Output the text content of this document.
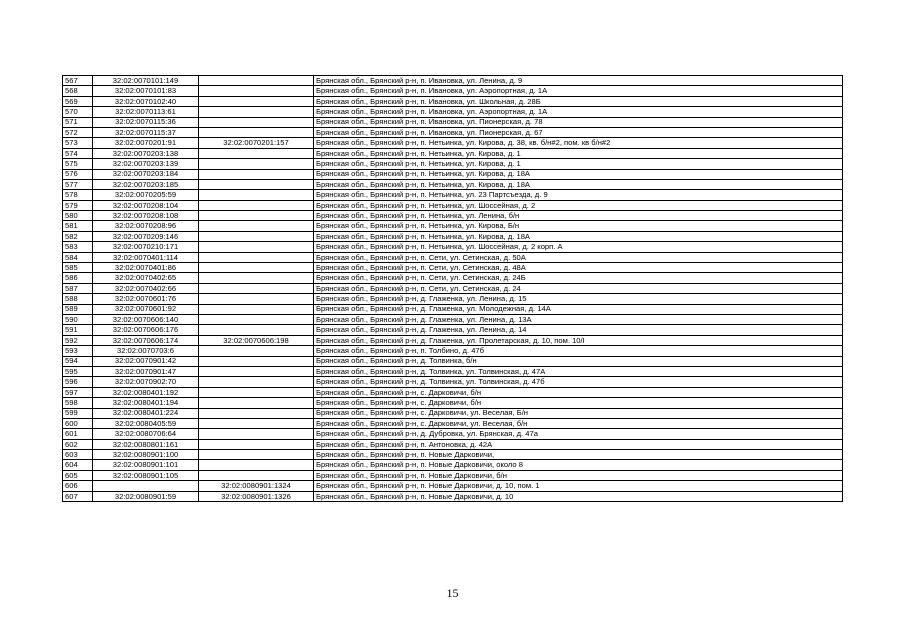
567	32:02:0070101:149		Брянская обл., Брянский р-н, п. Ивановка, ул. Ленина, д. 9
568	32:02:0070101:83		Брянская обл., Брянский р-н, п. Ивановка, ул. Аэропортная, д. 1А
569	32:02:0070102:40		Брянская обл., Брянский р-н, п. Ивановка, ул. Школьная, д. 28Б
570	32:02:0070113:61		Брянская обл., Брянский р-н, п. Ивановка, ул. Аэропортная, д. 1А
571	32:02:0070115:36		Брянская обл., Брянский р-н, п. Ивановка, ул. Пионерская, д. 78
572	32:02:0070115:37		Брянская обл., Брянский р-н, п. Ивановка, ул. Пионерская, д. 67
573	32:02:0070201:91	32:02:0070201:157	Брянская обл., Брянский р-н, п. Нетьинка, ул. Кирова, д. 38, кв. б/н#2, пом. кв б/н#2
574	32:02:0070203:138		Брянская обл., Брянский р-н, п. Нетьинка, ул. Кирова, д. 1
575	32:02:0070203:139		Брянская обл., Брянский р-н, п. Нетьинка, ул. Кирова, д. 1
576	32:02:0070203:184		Брянская обл., Брянский р-н, п. Нетьинка, ул. Кирова, д. 18А
577	32:02:0070203:185		Брянская обл., Брянский р-н, п. Нетьинка, ул. Кирова, д. 18А
578	32:02:0070205:59		Брянская обл., Брянский р-н, п. Нетьинка, ул. 23 Партсъезда, д. 9
579	32:02:0070208:104		Брянская обл., Брянский р-н, п. Нетьинка, ул. Шоссейная, д. 2
580	32:02:0070208:108		Брянская обл., Брянский р-н, п. Нетьинка, ул. Ленина, б/н
581	32:02:0070208:96		Брянская обл., Брянский р-н, п. Нетьинка, ул. Кирова, Б/н
582	32:02:0070209:146		Брянская обл., Брянский р-н, п. Нетьинка, ул. Кирова, д. 18А
583	32:02:0070210:171		Брянская обл., Брянский р-н, п. Нетьинка, ул. Шоссейная, д. 2 корп. А
584	32:02:0070401:114		Брянская обл., Брянский р-н, п. Сети, ул. Сетинская, д. 50А
585	32:02:0070401:86		Брянская обл., Брянский р-н, п. Сети, ул. Сетинская, д. 48А
586	32:02:0070402:65		Брянская обл., Брянский р-н, п. Сети, ул. Сетинская, д. 24Б
587	32:02:0070402:66		Брянская обл., Брянский р-н, п. Сети, ул. Сетинская, д. 24
588	32:02:0070601:76		Брянская обл., Брянский р-н, д. Глаженка, ул. Ленина, д. 15
589	32:02:0070601:92		Брянская обл., Брянский р-н, д. Глаженка, ул. Молодежная, д. 14А
590	32:02:0070606:140		Брянская обл., Брянский р-н, д. Глаженка, ул. Ленина, д. 13А
591	32:02:0070606:176		Брянская обл., Брянский р-н, д. Глаженка, ул. Ленина, д. 14
592	32:02:0070606:174	32:02:0070606:198	Брянская обл., Брянский р-н, д. Глаженка, ул. Пролетарская, д. 10, пом. 10/I
593	32:02:0070703:6		Брянская обл., Брянский р-н, п. Толбино, д. 47б
594	32:02:0070901:42		Брянская обл., Брянский р-н, д. Толвинка, б/н
595	32:02:0070901:47		Брянская обл., Брянский р-н, д. Толвинка, ул. Толвинская, д. 47А
596	32:02:0070902:70		Брянская обл., Брянский р-н, д. Толвинка, ул. Толвинская, д. 47б
597	32:02:0080401:192		Брянская обл., Брянский р-н, с. Дарковичи, б/н
598	32:02:0080401:194		Брянская обл., Брянский р-н, с. Дарковичи, б/н
599	32:02:0080401:224		Брянская обл., Брянский р-н, с. Дарковичи, ул. Веселая, Б/н
600	32:02:0080405:59		Брянская обл., Брянский р-н, с. Дарковичи, ул. Веселая, б/н
601	32:02:0080706:64		Брянская обл., Брянский р-н, д. Дубровка, ул. Брянская, д. 47а
602	32:02:0080801:161		Брянская обл., Брянский р-н, п. Антоновка, д. 42А
603	32:02:0080901:100		Брянская обл., Брянский р-н, п. Новые Дарковичи,
604	32:02:0080901:101		Брянская обл., Брянский р-н, п. Новые Дарковичи, около 8
605	32:02:0080901:105		Брянская обл., Брянский р-н, п. Новые Дарковичи, б/н
606		32:02:0080901:1324	Брянская обл., Брянский р-н, п. Новые Дарковичи, д. 10, пом. 1
607	32:02:0080901:59	32:02:0080901:1326	Брянская обл., Брянский р-н, п. Новые Дарковичи, д. 10
15
